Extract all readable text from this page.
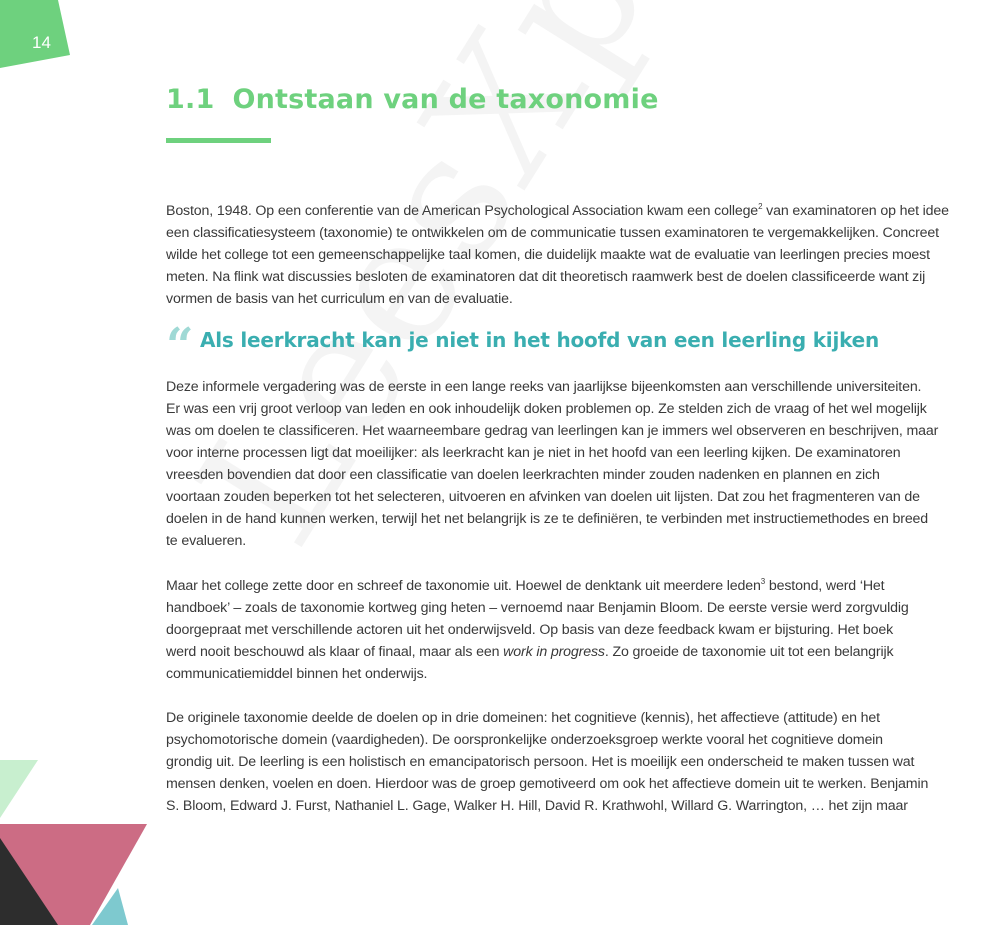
14
1.1 Ontstaan van de taxonomie

Boston, 1948. Op een conferentie van de American Psychological Association kwam een college$^2$ van examinatoren op het idee
een classificatiesysteem (taxonomie) te ontwikkelen om de communicatie tussen examinatoren te vergemakkelijken. Concreet
wilde het college tot een gemeenschappelijke taal komen, die duidelijk maakte wat de evaluatie van leerlingen precies moest
meten. Na flink wat discussies besloten de examinatoren dat dit theoretisch raamwerk best de doelen classificeerde want zij
vormen de basis van het curriculum en van de evaluatie.

“ Als leerkracht kan je niet in het hoofd van een leerling kijken

Deze informele vergadering was de eerste in een lange reeks van jaarlijkse bijeenkomsten aan verschillende universiteiten.
Er was een vrij groot verloop van leden en ook inhoudelijk doken problemen op. Ze stelden zich de vraag of het wel mogelijk
was om doelen te classificeren. Het waarneembare gedrag van leerlingen kan je immers wel observeren en beschrijven, maar
voor interne processen ligt dat moeilijker: als leerkracht kan je niet in het hoofd van een leerling kijken. De examinatoren
vreesden bovendien dat door een classificatie van doelen leerkrachten minder zouden nadenken en plannen en zich
voortaan zouden beperken tot het selecteren, uitvoeren en afvinken van doelen uit lijsten. Dat zou het fragmenteren van de
doelen in de hand kunnen werken, terwijl het net belangrijk is ze te definiëren, te verbinden met instructiemethodes en breed
te evalueren.

Maar het college zette door en schreef de taxonomie uit. Hoewel de denktank uit meerdere leden$^3$ bestond, werd ‘Het
handboek’ – zoals de taxonomie kortweg ging heten – vernoemd naar Benjamin Bloom. De eerste versie werd zorgvuldig
doorgepraat met verschillende actoren uit het onderwijsveld. Op basis van deze feedback kwam er bijsturing. Het boek
werd nooit beschouwd als klaar of finaal, maar als een work in progress. Zo groeide de taxonomie uit tot een belangrijk
communicatiemiddel binnen het onderwijs.

De originele taxonomie deelde de doelen op in drie domeinen: het cognitieve (kennis), het affectieve (attitude) en het
psychomotorische domein (vaardigheden). De oorspronkelijke onderzoeksgroep werkte vooral het cognitieve domein
grondig uit. De leerling is een holistisch en emancipatorisch persoon. Het is moeilijk een onderscheid te maken tussen wat
mensen denken, voelen en doen. Hierdoor was de groep gemotiveerd om ook het affectieve domein uit te werken. Benjamin
S. Bloom, Edward J. Furst, Nathaniel L. Gage, Walker H. Hill, David R. Krathwohl, Willard G. Warrington, … het zijn maar
